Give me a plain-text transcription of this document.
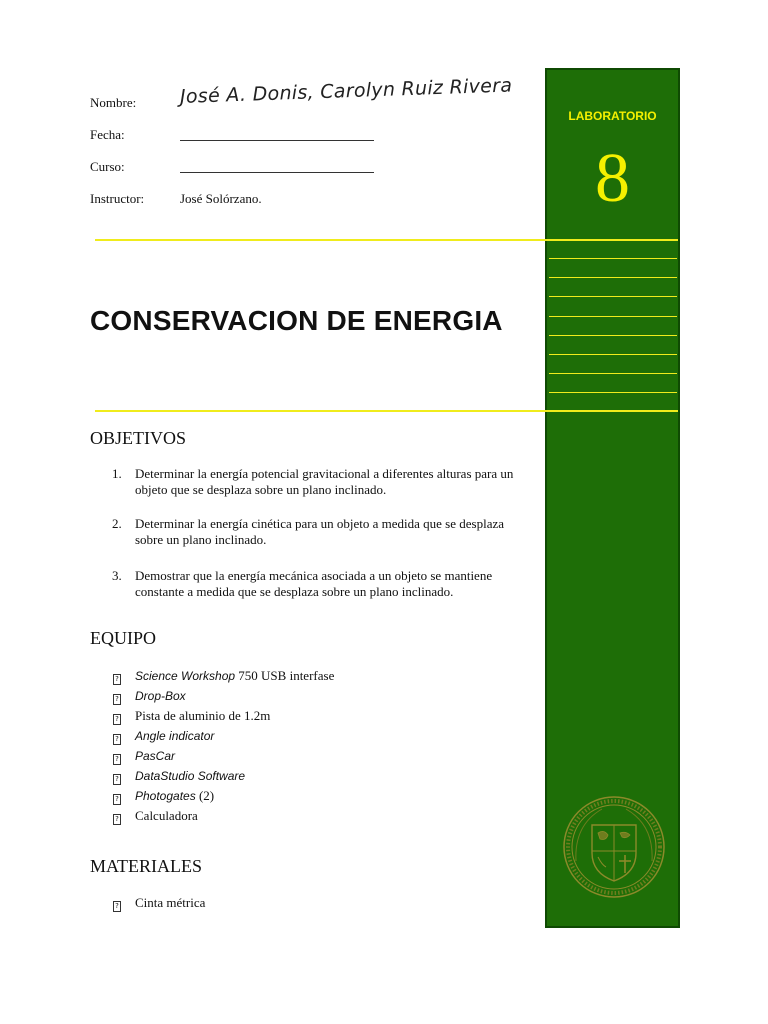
Nombre: José A. Donis, Carolyn Ruiz Rivera
Fecha:
Curso:
Instructor:	José Solórzano.
LABORATORIO
8
CONSERVACION DE ENERGIA
OBJETIVOS
1. Determinar la energía potencial gravitacional a diferentes alturas para un objeto que se desplaza sobre un plano inclinado.
2. Determinar la energía cinética para un objeto a medida que se desplaza sobre un plano inclinado.
3. Demostrar que la energía mecánica asociada a un objeto se mantiene constante a medida que se desplaza sobre un plano inclinado.
EQUIPO
? Science Workshop 750 USB interfase
? Drop-Box
? Pista de aluminio de 1.2m
? Angle indicator
? PasCar
? DataStudio Software
? Photogates (2)
? Calculadora
MATERIALES
? Cinta métrica
